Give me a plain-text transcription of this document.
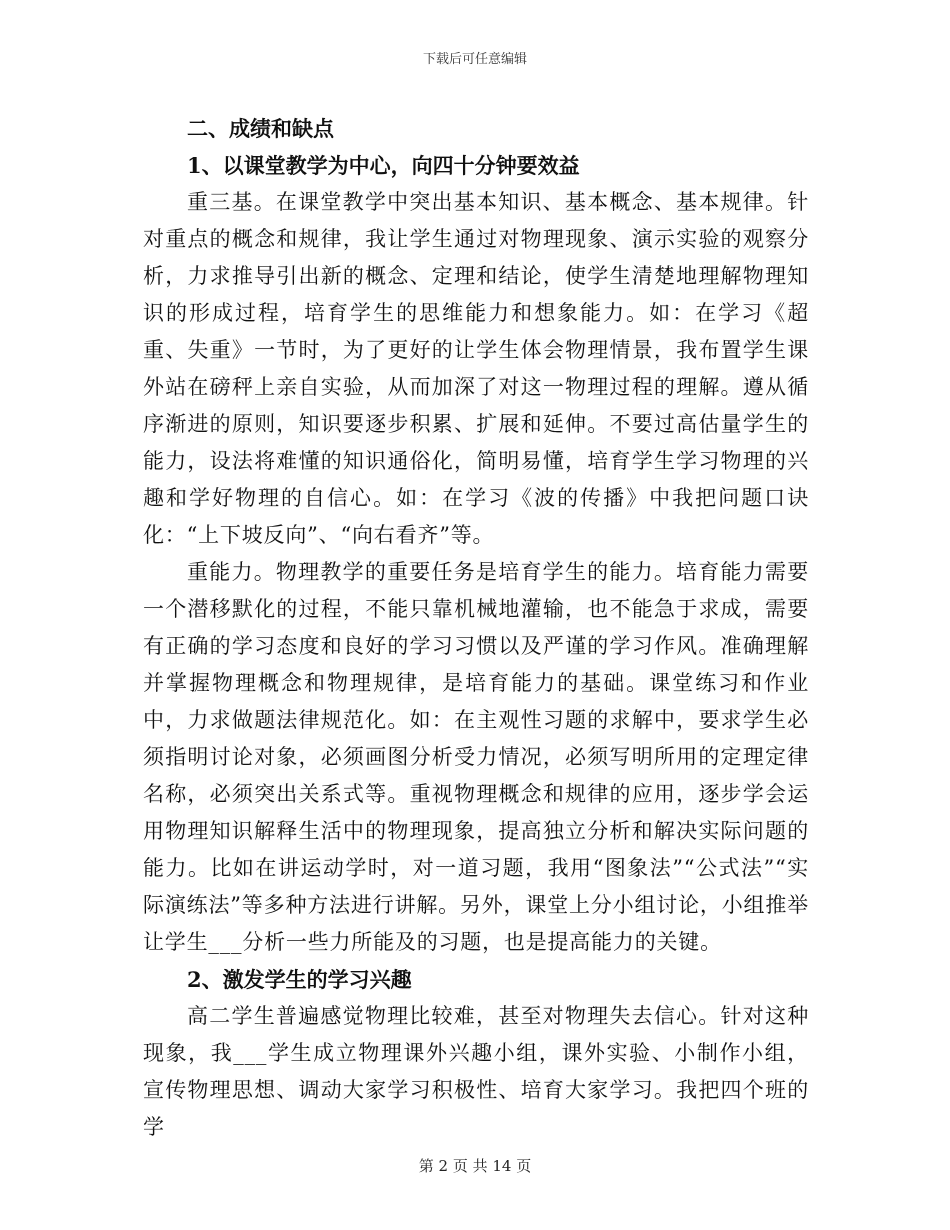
下载后可任意编辑

二、成绩和缺点

1、以课堂教学为中心，向四十分钟要效益

重三基。在课堂教学中突出基本知识、基本概念、基本规律。针对重点的概念和规律，我让学生通过对物理现象、演示实验的观察分析，力求推导引出新的概念、定理和结论，使学生清楚地理解物理知识的形成过程，培育学生的思维能力和想象能力。如：在学习《超重、失重》一节时，为了更好的让学生体会物理情景，我布置学生课外站在磅秤上亲自实验，从而加深了对这一物理过程的理解。遵从循序渐进的原则，知识要逐步积累、扩展和延伸。不要过高估量学生的能力，设法将难懂的知识通俗化，简明易懂，培育学生学习物理的兴趣和学好物理的自信心。如：在学习《波的传播》中我把问题口诀化：“上下坡反向”、“向右看齐”等。

重能力。物理教学的重要任务是培育学生的能力。培育能力需要一个潜移默化的过程，不能只靠机械地灌输，也不能急于求成，需要有正确的学习态度和良好的学习习惯以及严谨的学习作风。准确理解并掌握物理概念和物理规律，是培育能力的基础。课堂练习和作业中，力求做题法律规范化。如：在主观性习题的求解中，要求学生必须指明讨论对象，必须画图分析受力情况，必须写明所用的定理定律名称，必须突出关系式等。重视物理概念和规律的应用，逐步学会运用物理知识解释生活中的物理现象，提高独立分析和解决实际问题的能力。比如在讲运动学时，对一道习题，我用“图象法”“公式法”“实际演练法”等多种方法进行讲解。另外，课堂上分小组讨论，小组推举让学生___分析一些力所能及的习题，也是提高能力的关键。

2、激发学生的学习兴趣

高二学生普遍感觉物理比较难，甚至对物理失去信心。针对这种现象，我___学生成立物理课外兴趣小组，课外实验、小制作小组，宣传物理思想、调动大家学习积极性、培育大家学习。我把四个班的学

第 2 页 共 14 页
